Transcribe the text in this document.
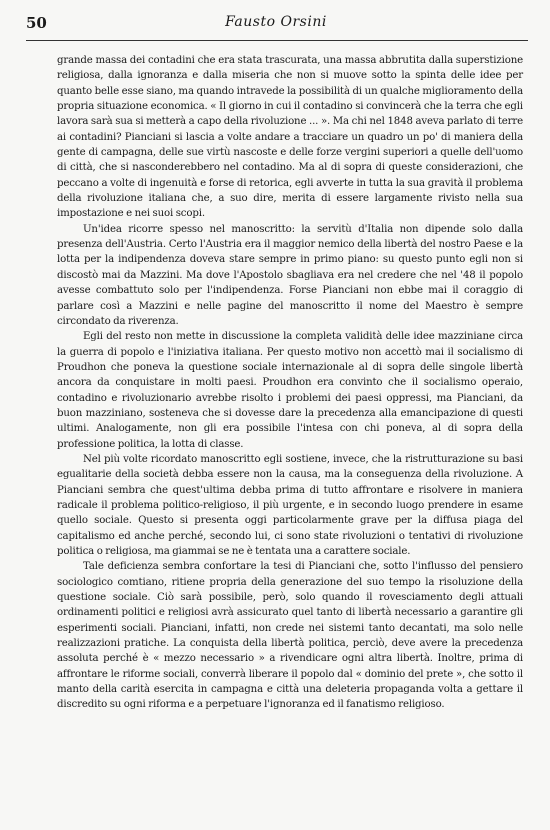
50	Fausto Orsini

grande massa dei contadini che era stata trascurata, una massa abbrutita dalla superstizione religiosa, dalla ignoranza e dalla miseria che non si muove sotto la spinta delle idee per quanto belle esse siano, ma quando intravede la possibilità di un qualche miglioramento della propria situazione economica. « Il giorno in cui il contadino si convincerà che la terra che egli lavora sarà sua si metterà a capo della rivoluzione ... ». Ma chi nel 1848 aveva parlato di terre ai contadini? Pianciani si lascia a volte andare a tracciare un quadro un po' di maniera della gente di campagna, delle sue virtù nascoste e delle forze vergini superiori a quelle dell'uomo di città, che si nasconderebbero nel contadino. Ma al di sopra di queste considerazioni, che peccano a volte di ingenuità e forse di retorica, egli avverte in tutta la sua gravità il problema della rivoluzione italiana che, a suo dire, merita di essere largamente rivisto nella sua impostazione e nei suoi scopi.

Un'idea ricorre spesso nel manoscritto: la servitù d'Italia non dipende solo dalla presenza dell'Austria. Certo l'Austria era il maggior nemico della libertà del nostro Paese e la lotta per la indipendenza doveva stare sempre in primo piano: su questo punto egli non si discostò mai da Mazzini. Ma dove l'Apostolo sbagliava era nel credere che nel '48 il popolo avesse combattuto solo per l'indipendenza. Forse Pianciani non ebbe mai il coraggio di parlare così a Mazzini e nelle pagine del manoscritto il nome del Maestro è sempre circondato da riverenza.

Egli del resto non mette in discussione la completa validità delle idee mazziniane circa la guerra di popolo e l'iniziativa italiana. Per questo motivo non accettò mai il socialismo di Proudhon che poneva la questione sociale internazionale al di sopra delle singole libertà ancora da conquistare in molti paesi. Proudhon era convinto che il socialismo operaio, contadino e rivoluzionario avrebbe risolto i problemi dei paesi oppressi, ma Pianciani, da buon mazziniano, sosteneva che si dovesse dare la precedenza alla emancipazione di questi ultimi. Analogamente, non gli era possibile l'intesa con chi poneva, al di sopra della professione politica, la lotta di classe.

Nel più volte ricordato manoscritto egli sostiene, invece, che la ristrutturazione su basi egualitarie della società debba essere non la causa, ma la conseguenza della rivoluzione. A Pianciani sembra che quest'ultima debba prima di tutto affrontare e risolvere in maniera radicale il problema politico-religioso, il più urgente, e in secondo luogo prendere in esame quello sociale. Questo si presenta oggi particolarmente grave per la diffusa piaga del capitalismo ed anche perché, secondo lui, ci sono state rivoluzioni o tentativi di rivoluzione politica o religiosa, ma giammai se ne è tentata una a carattere sociale.

Tale deficienza sembra confortare la tesi di Pianciani che, sotto l'influsso del pensiero sociologico comtiano, ritiene propria della generazione del suo tempo la risoluzione della questione sociale. Ciò sarà possibile, però, solo quando il rovesciamento degli attuali ordinamenti politici e religiosi avrà assicurato quel tanto di libertà necessario a garantire gli esperimenti sociali. Pianciani, infatti, non crede nei sistemi tanto decantati, ma solo nelle realizzazioni pratiche. La conquista della libertà politica, perciò, deve avere la precedenza assoluta perché è « mezzo necessario » a rivendicare ogni altra libertà. Inoltre, prima di affrontare le riforme sociali, converrà liberare il popolo dal « dominio del prete », che sotto il manto della carità esercita in campagna e città una deleteria propaganda volta a gettare il discredito su ogni riforma e a perpetuare l'ignoranza ed il fanatismo religioso.
